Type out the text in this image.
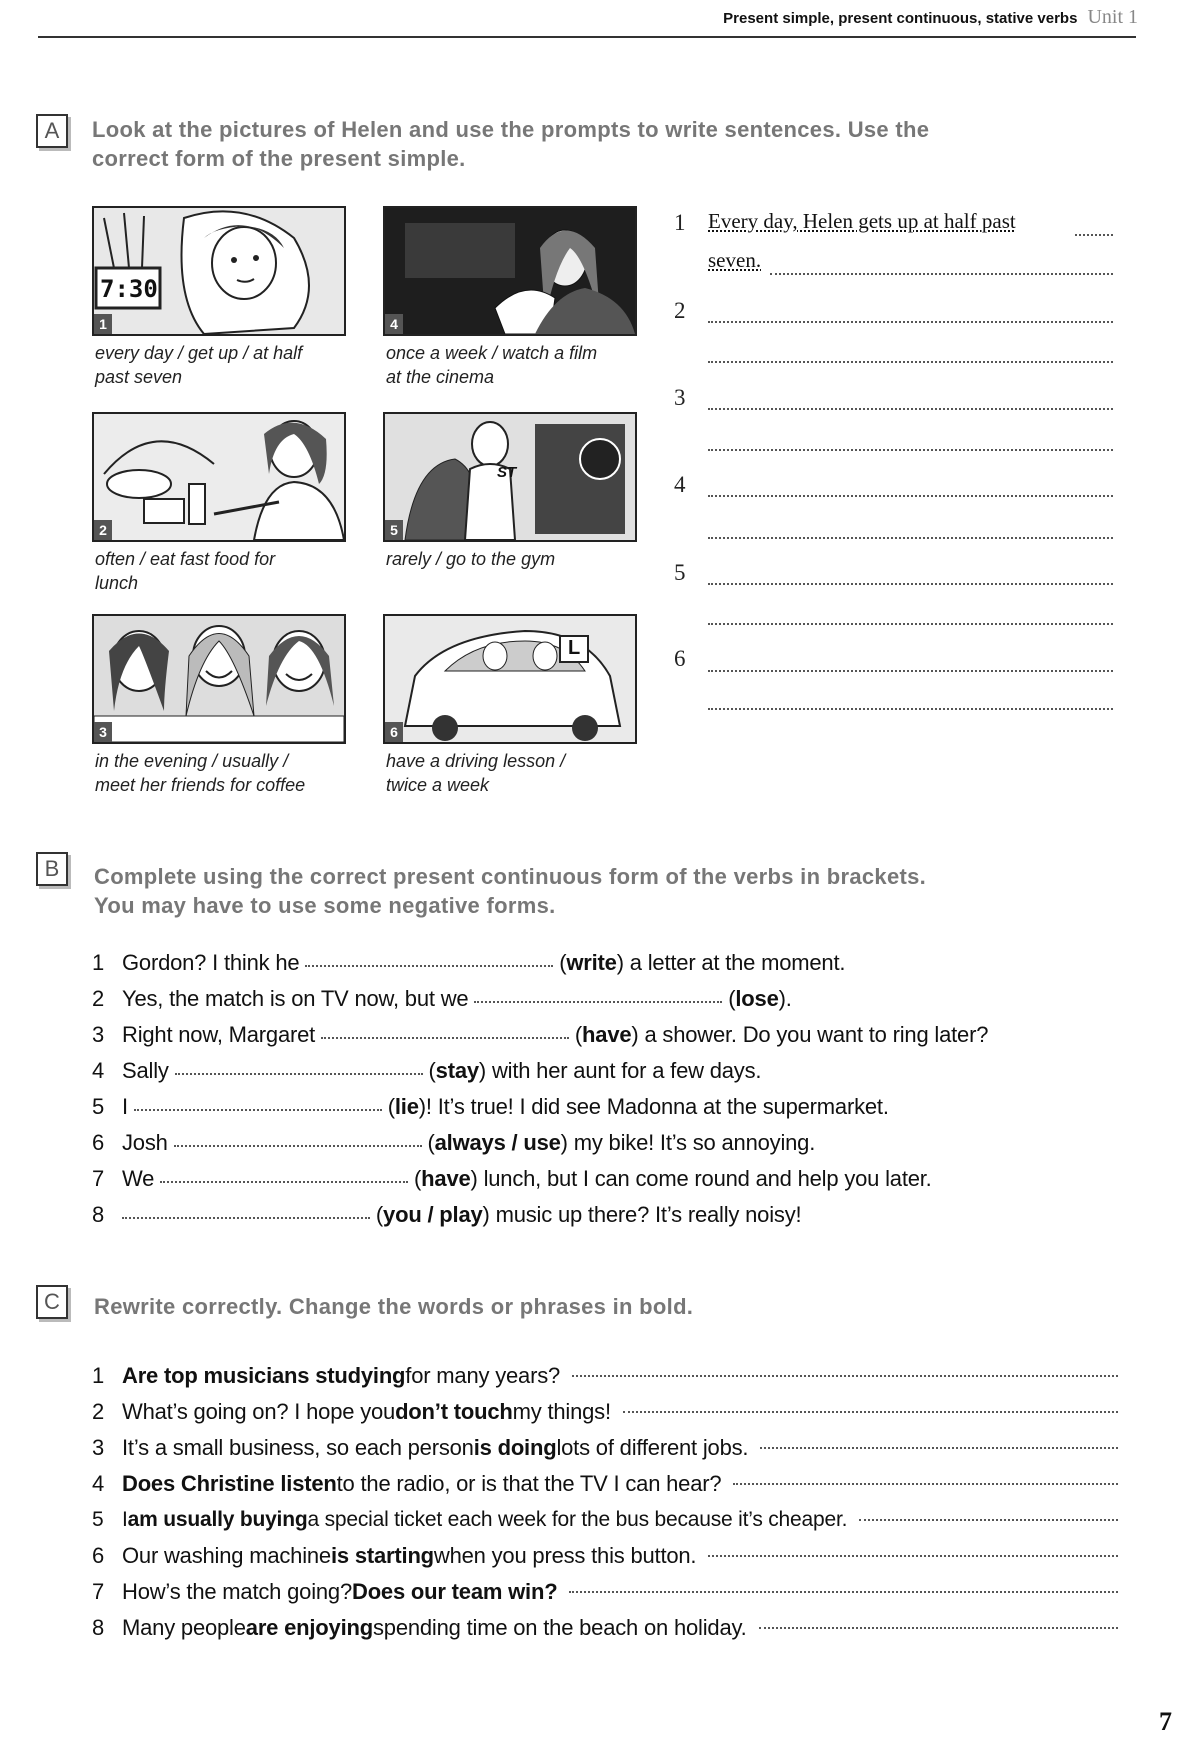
Present simple, present continuous, stative verbs Unit 1
A	Look at the pictures of Helen and use the prompts to write sentences. Use the
correct form of the present simple.
7:30
1
every day / get up / at half
past seven
2
often / eat fast food for
lunch
3
in the evening / usually /
meet her friends for coffee
4
once a week / watch a film
at the cinema
ST
5
rarely / go to the gym
L
6
have a driving lesson /
twice a week
1	Every day, Helen gets up at half past
seven.
2
3
4
5
6
B	Complete using the correct present continuous form of the verbs in brackets.
You may have to use some negative forms.
1 Gordon? I think he	(write) a letter at the moment.
2 Yes, the match is on TV now, but we	(lose).
3 Right now, Margaret	(have) a shower. Do you want to ring later?
4 Sally	(stay) with her aunt for a few days.
5 I	(lie)! It’s true! I did see Madonna at the supermarket.
6 Josh	(always / use) my bike! It’s so annoying.
7 We	(have) lunch, but I can come round and help you later.
8	(you / play) music up there? It’s really noisy!
C	Rewrite correctly. Change the words or phrases in bold.
1 Are top musicians studying for many years?
2 What’s going on? I hope you don’t touch my things!
3 It’s a small business, so each person is doing lots of different jobs.
4 Does Christine listen to the radio, or is that the TV I can hear?
5 I am usually buying a special ticket each week for the bus because it’s cheaper.
6 Our washing machine is starting when you press this button.
7 How’s the match going? Does our team win?
8 Many people are enjoying spending time on the beach on holiday.
7
